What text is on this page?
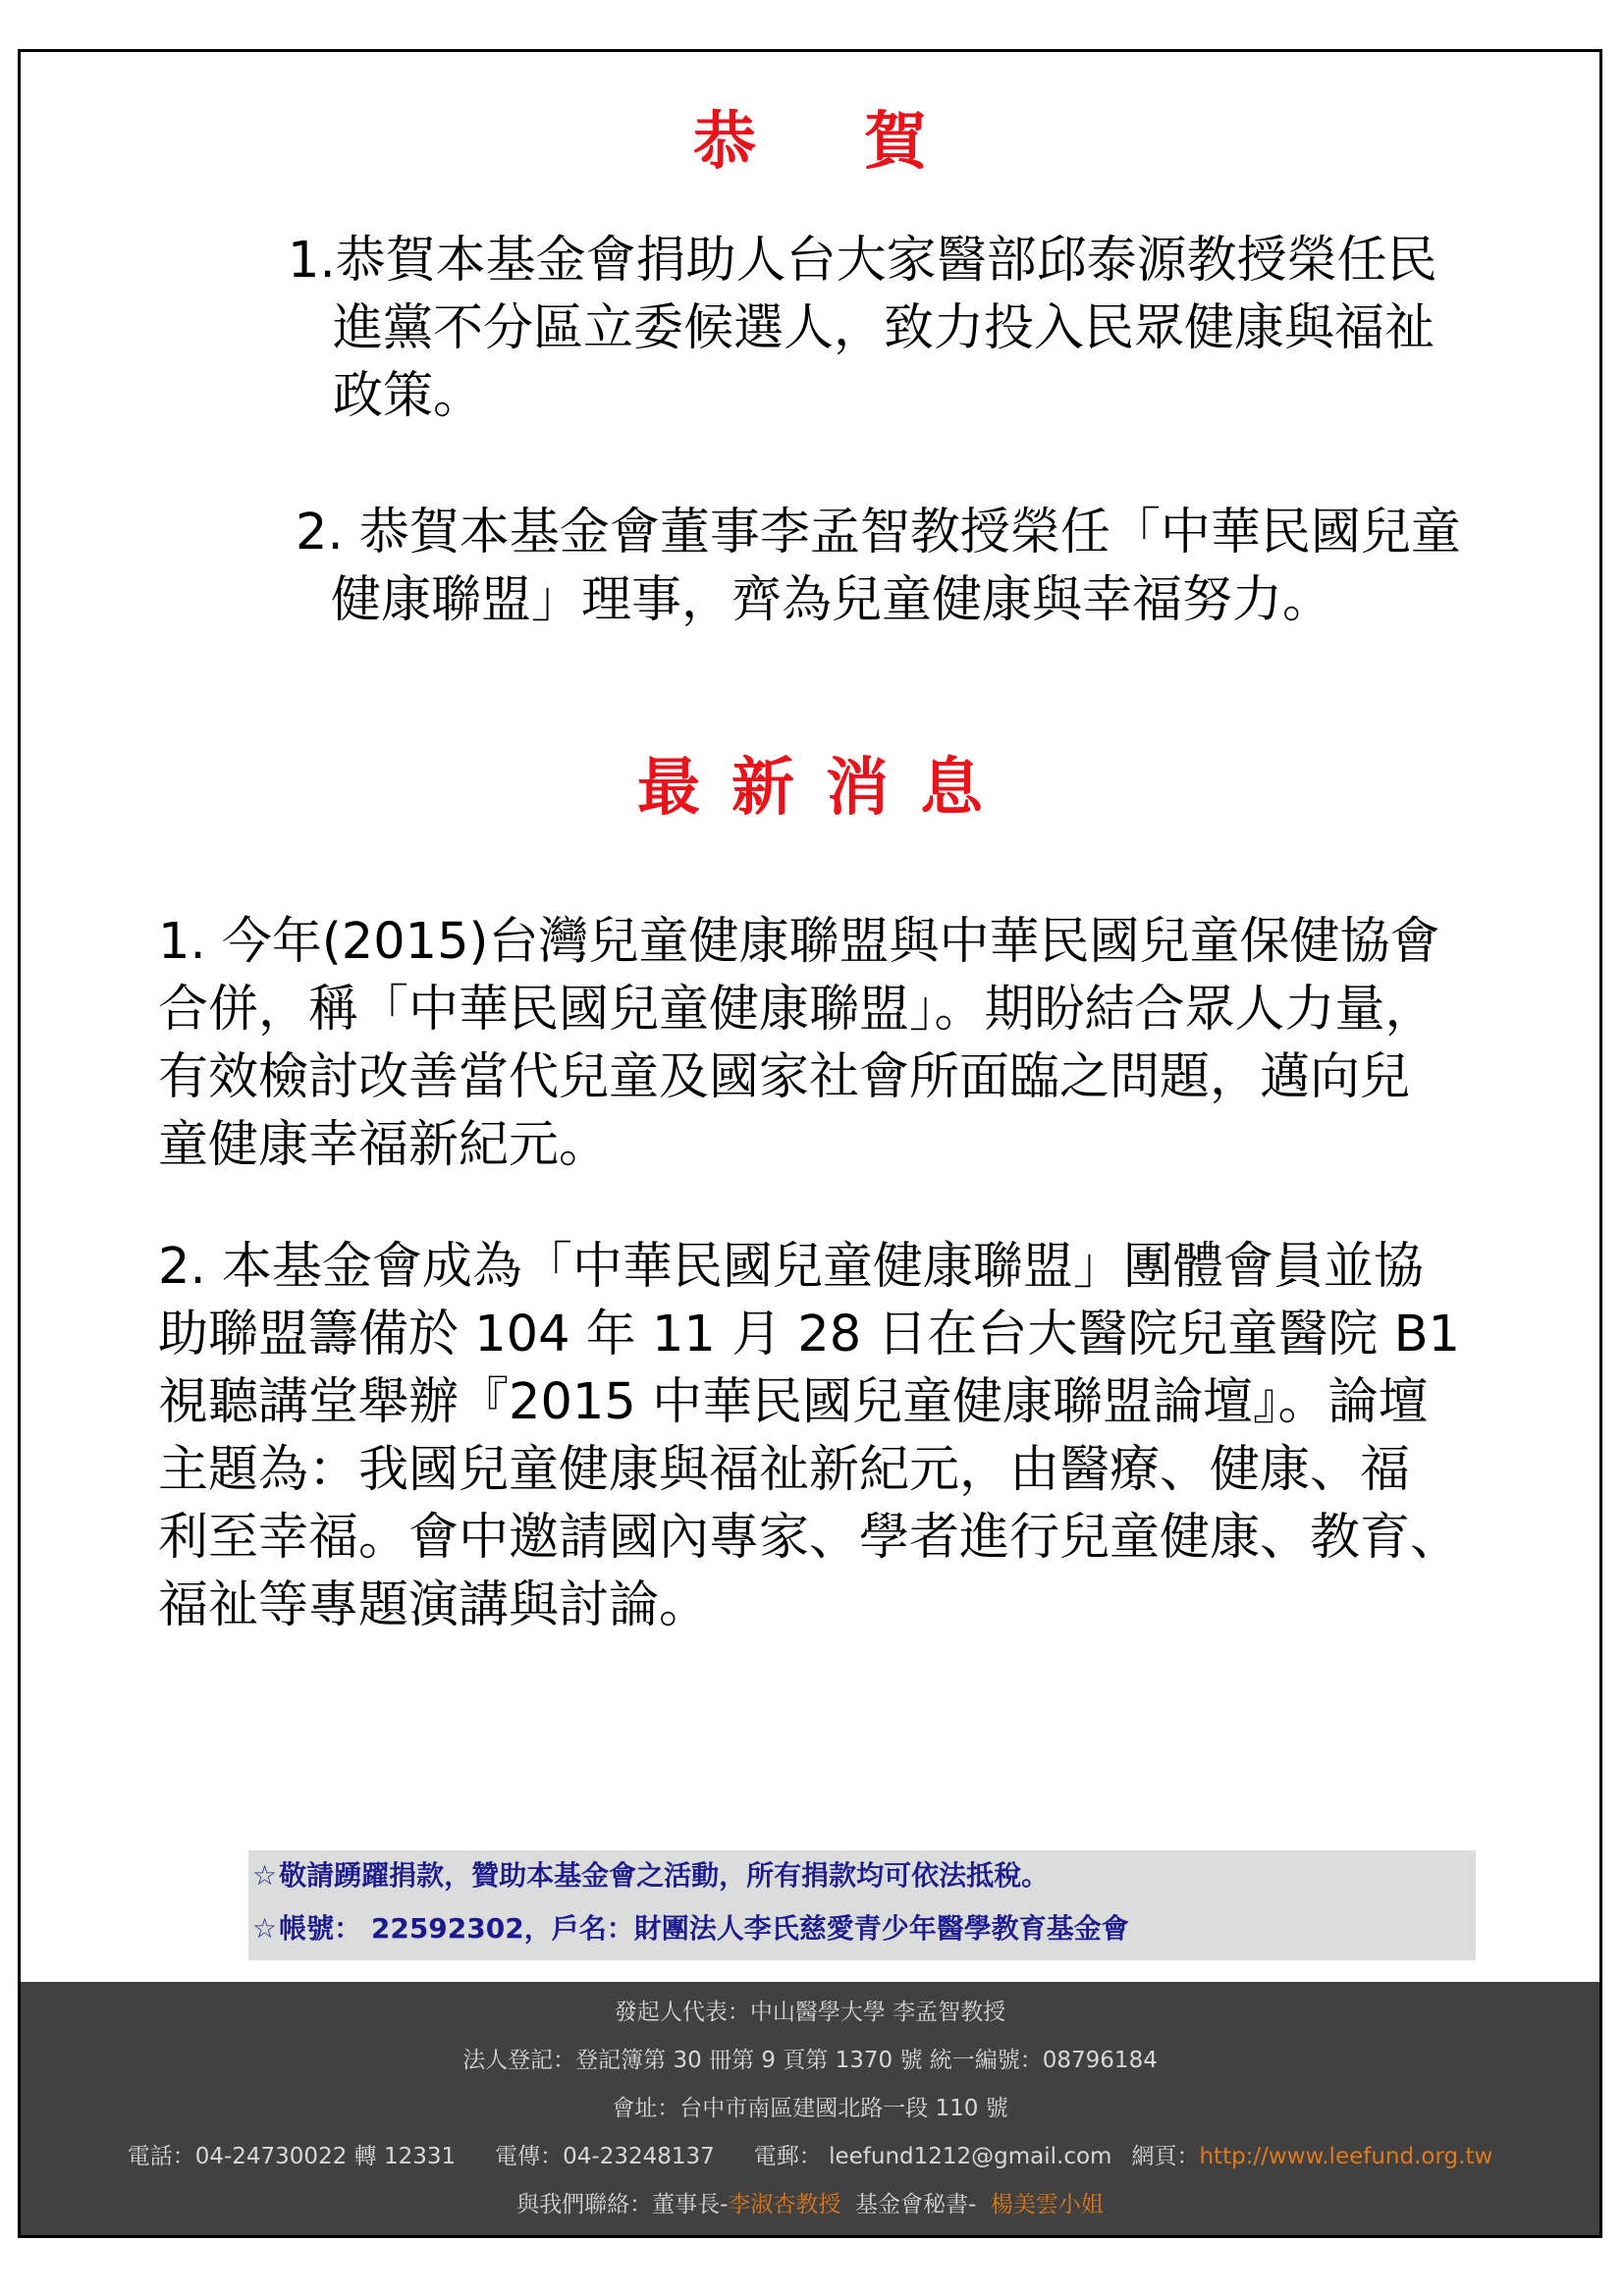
恭賀
1.恭賀本基金會捐助人台大家醫部邱泰源教授榮任民
進黨不分區立委候選人，致力投入民眾健康與福祉
政策。
2. 恭賀本基金會董事李孟智教授榮任「中華民國兒童
健康聯盟」理事，齊為兒童健康與幸福努力。
最新消息
1. 今年(2015)台灣兒童健康聯盟與中華民國兒童保健協會
合併，稱「中華民國兒童健康聯盟」。期盼結合眾人力量，
有效檢討改善當代兒童及國家社會所面臨之問題，邁向兒
童健康幸福新紀元。
2. 本基金會成為「中華民國兒童健康聯盟」團體會員並協
助聯盟籌備於 104 年 11 月 28 日在台大醫院兒童醫院 B1
視聽講堂舉辦『2015 中華民國兒童健康聯盟論壇』。論壇
主題為：我國兒童健康與福祉新紀元，由醫療、健康、福
利至幸福。會中邀請國內專家、學者進行兒童健康、教育、
福祉等專題演講與討論。
☆敬請踴躍捐款，贊助本基金會之活動，所有捐款均可依法抵稅。
☆帳號： 22592302，戶名：財團法人李氏慈愛青少年醫學教育基金會
發起人代表：中山醫學大學 李孟智教授
法人登記：登記簿第 30 冊第 9 頁第 1370 號 統一編號：08796184
會址：台中市南區建國北路一段 110 號
電話：04-24730022 轉 12331 電傳：04-23248137 電郵： leefund1212@gmail.com 網頁：http://www.leefund.org.tw
與我們聯絡：董事長-李淑杏教授  基金會秘書-  楊美雲小姐
